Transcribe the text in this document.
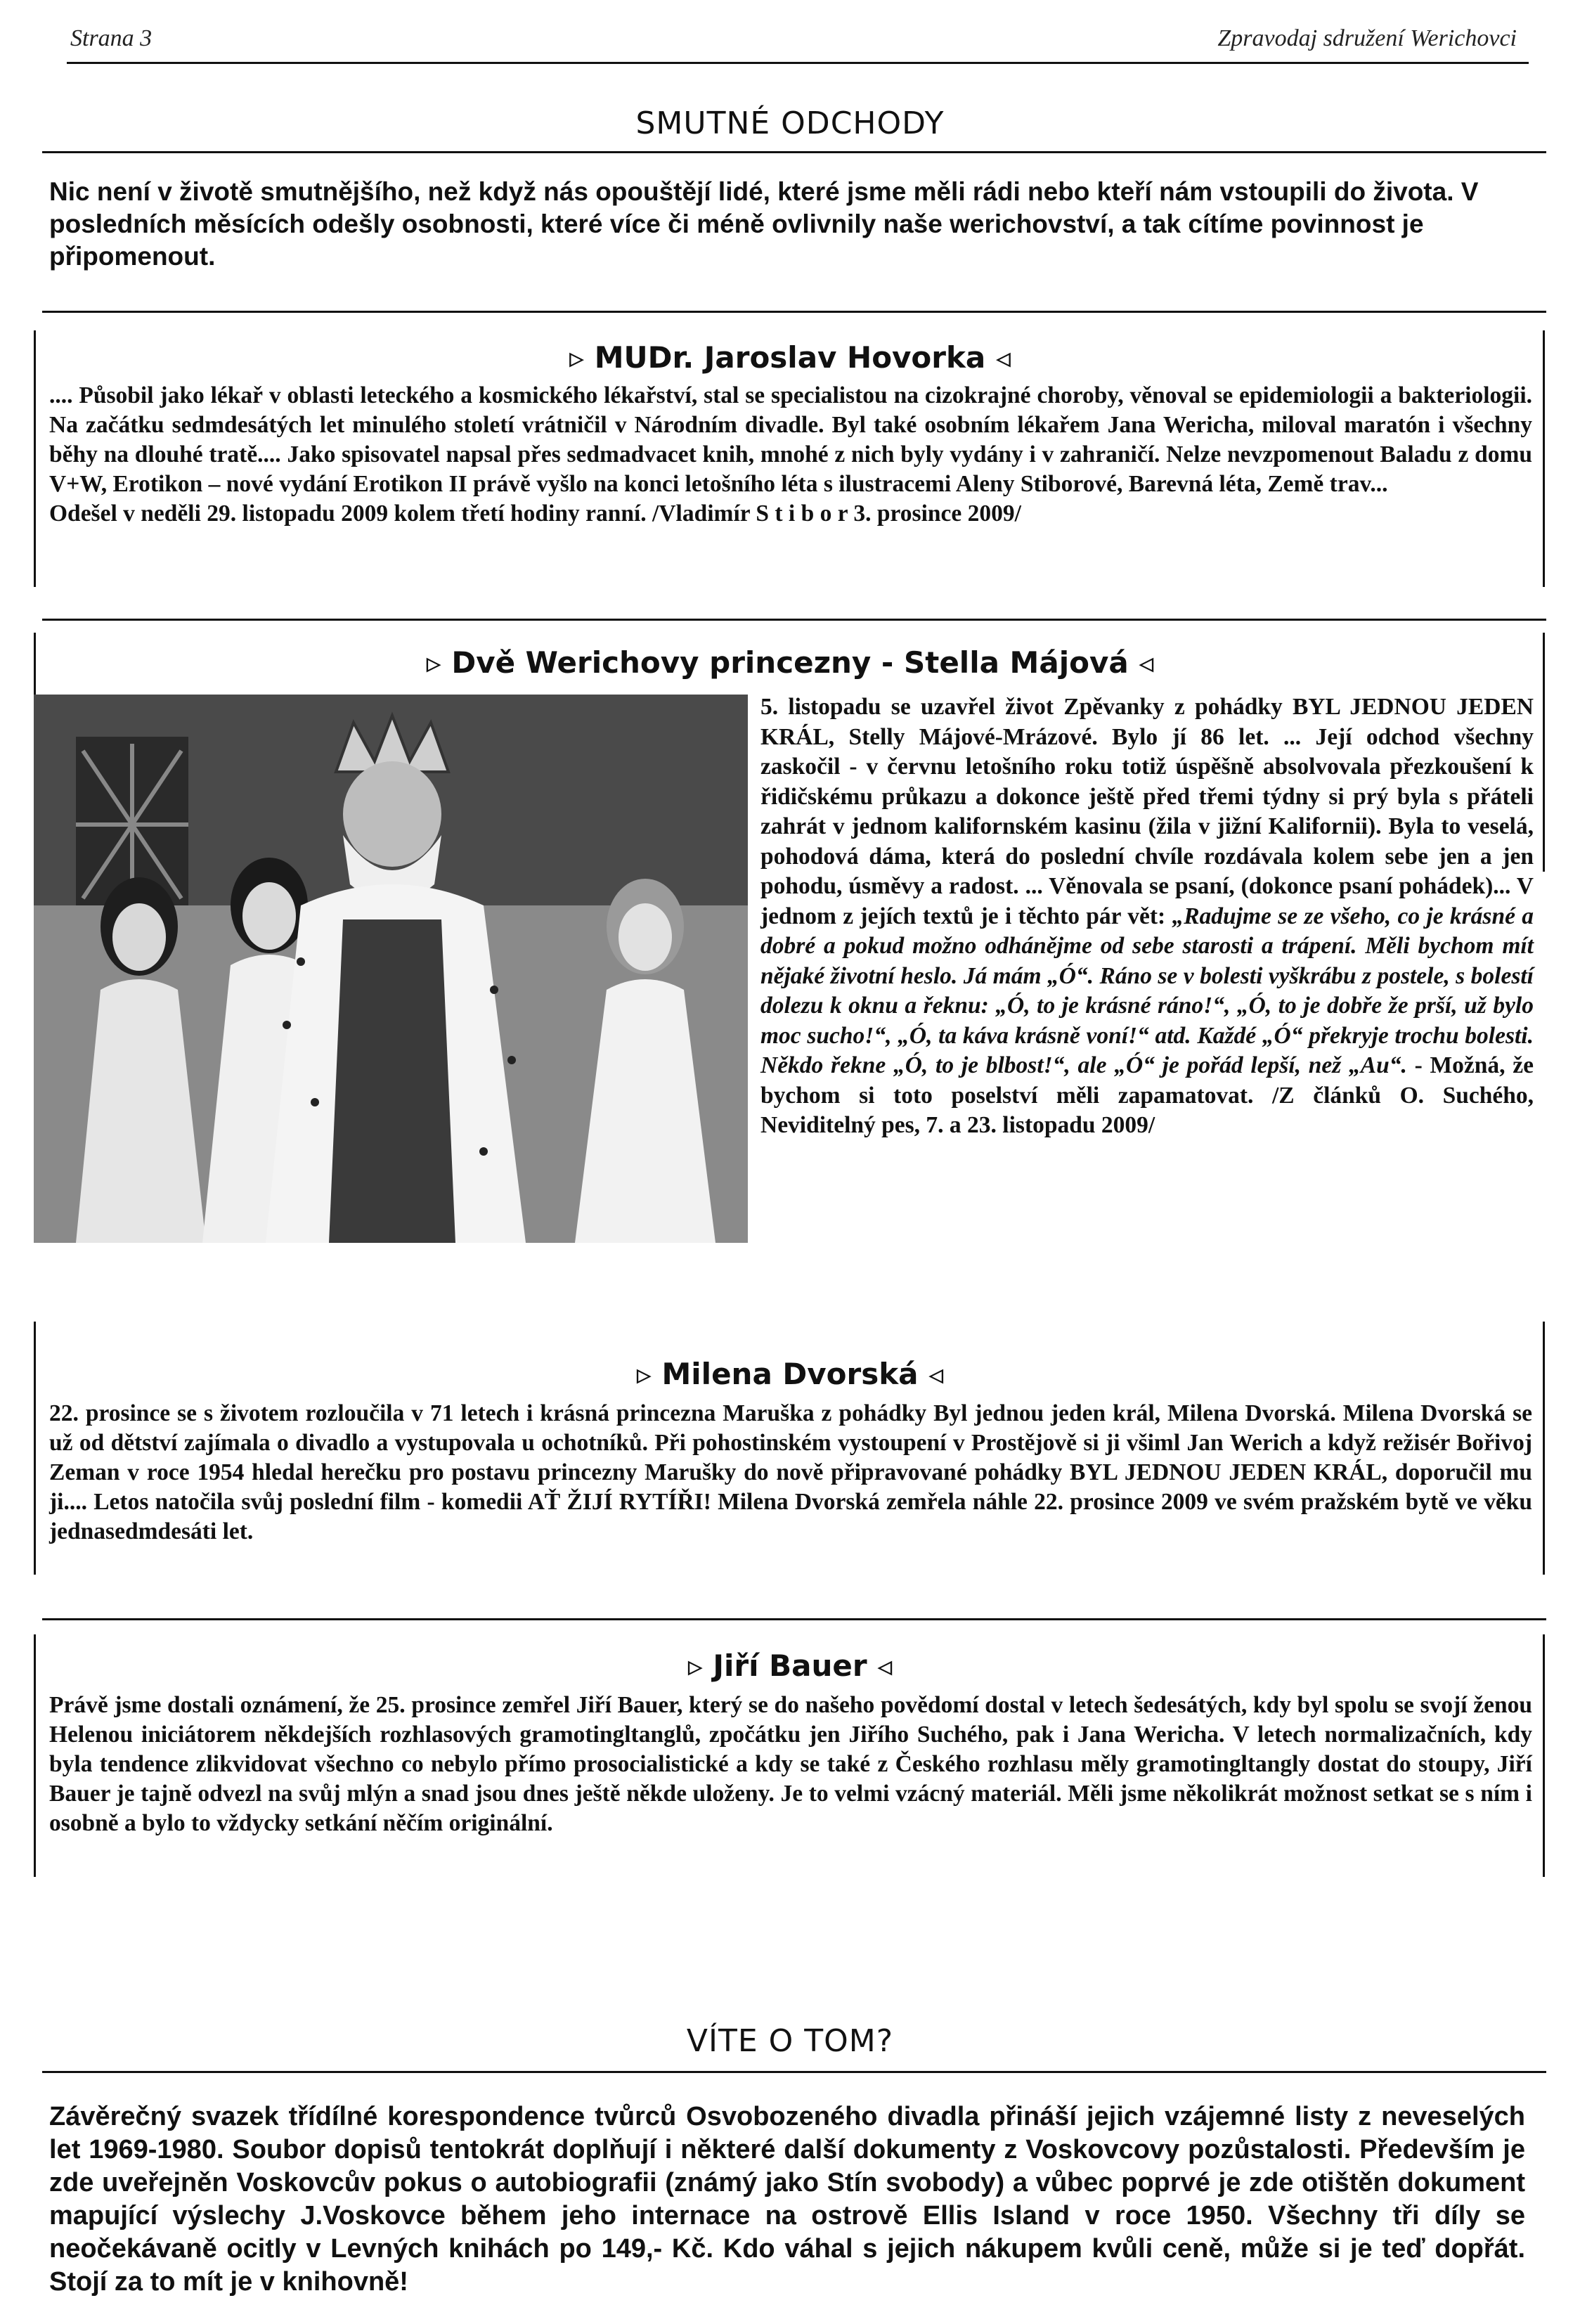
Strana 3	Zpravodaj sdružení Werichovci
SMUTNÉ ODCHODY

Nic není v životě smutnějšího, než když nás opouštějí lidé, které jsme měli rádi nebo kteří nám vstoupili do života. V posledních měsících odešly osobnosti, které více či méně ovlivnily naše werichovství, a tak cítíme povinnost je připomenout.

▹ MUDr. Jaroslav Hovorka ◃

.... Působil jako lékař v oblasti leteckého a kosmického lékařství, stal se specialistou na cizokrajné choroby, věnoval se epidemiologii a bakteriologii. Na začátku sedmdesátých let minulého století vrátničil v Národním divadle. Byl také osobním lékařem Jana Wericha, miloval maratón i všechny běhy na dlouhé tratě.... Jako spisovatel napsal přes sedmadvacet knih, mnohé z nich byly vydány i v zahraničí. Nelze nevzpomenout Baladu z domu V+W, Erotikon – nové vydání Erotikon II právě vyšlo na konci letošního léta s ilustracemi Aleny Stiborové, Barevná léta, Země trav...

Odešel v neděli 29. listopadu 2009 kolem třetí hodiny ranní. /Vladimír S t i b o r 3. prosince 2009/

▹ Dvě Werichovy princezny - Stella Májová ◃
5. listopadu se uzavřel život Zpěvanky z pohádky BYL JEDNOU JEDEN KRÁL, Stelly Májové-Mrázové. Bylo jí 86 let. ... Její odchod všechny zaskočil - v červnu letošního roku totiž úspěšně absolvovala přezkoušení k řidičskému průkazu a dokonce ještě před třemi týdny si prý byla s přáteli zahrát v jednom kalifornském kasinu (žila v jižní Kalifornii). Byla to veselá, pohodová dáma, která do poslední chvíle rozdávala kolem sebe jen a jen pohodu, úsměvy a radost. ... Věnovala se psaní, (dokonce psaní pohádek)... V jednom z jejích textů je i těchto pár vět: „Radujme se ze všeho, co je krásné a dobré a pokud možno odhánějme od sebe starosti a trápení. Měli bychom mít nějaké životní heslo. Já mám „Ó“. Ráno se v bolesti vyškrábu z postele, s bolestí dolezu k oknu a řeknu: „Ó, to je krásné ráno!“, „Ó, to je dobře že prší, už bylo moc sucho!“, „Ó, ta káva krásně voní!“ atd. Každé „Ó“ překryje trochu bolesti. Někdo řekne „Ó, to je blbost!“, ale „Ó“ je pořád lepší, než „Au“. - Možná, že bychom si toto poselství měli zapamatovat. /Z článků O. Suchého, Neviditelný pes, 7. a 23. listopadu 2009/
▹ Milena Dvorská ◃

22. prosince se s životem rozloučila v 71 letech i krásná princezna Maruška z pohádky Byl jednou jeden král, Milena Dvorská. Milena Dvorská se už od dětství zajímala o divadlo a vystupovala u ochotníků. Při pohostinském vystoupení v Prostějově si ji všiml Jan Werich a když režisér Bořivoj Zeman v roce 1954 hledal herečku pro postavu princezny Marušky do nově připravované pohádky BYL JEDNOU JEDEN KRÁL, doporučil mu ji.... Letos natočila svůj poslední film - komedii AŤ ŽIJÍ RYTÍŘI! Milena Dvorská zemřela náhle 22. prosince 2009 ve svém pražském bytě ve věku jednasedmdesáti let.

▹ Jiří Bauer ◃

Právě jsme dostali oznámení, že 25. prosince zemřel Jiří Bauer, který se do našeho povědomí dostal v letech šedesátých, kdy byl spolu se svojí ženou Helenou iniciátorem někdejších rozhlasových gramotingltanglů, zpočátku jen Jiřího Suchého, pak i Jana Wericha. V letech normalizačních, kdy byla tendence zlikvidovat všechno co nebylo přímo prosocialistické a kdy se také z Českého rozhlasu měly gramotingltangly dostat do stoupy, Jiří Bauer je tajně odvezl na svůj mlýn a snad jsou dnes ještě někde uloženy. Je to velmi vzácný materiál. Měli jsme několikrát možnost setkat se s ním i osobně a bylo to vždycky setkání něčím originální.

VÍTE O TOM?

Závěrečný svazek třídílné korespondence tvůrců Osvobozeného divadla přináší jejich vzájemné listy z neveselých let 1969-1980. Soubor dopisů tentokrát doplňují i některé další dokumenty z Voskovcovy pozůstalosti. Především je zde uveřejněn Voskovcův pokus o autobiografii (známý jako Stín svobody) a vůbec poprvé je zde otištěn dokument mapující výslechy J.Voskovce během jeho internace na ostrově Ellis Island v roce 1950. Všechny tři díly se neočekávaně ocitly v Levných knihách po 149,- Kč. Kdo váhal s jejich nákupem kvůli ceně, může si je teď dopřát. Stojí za to mít je v knihovně!
